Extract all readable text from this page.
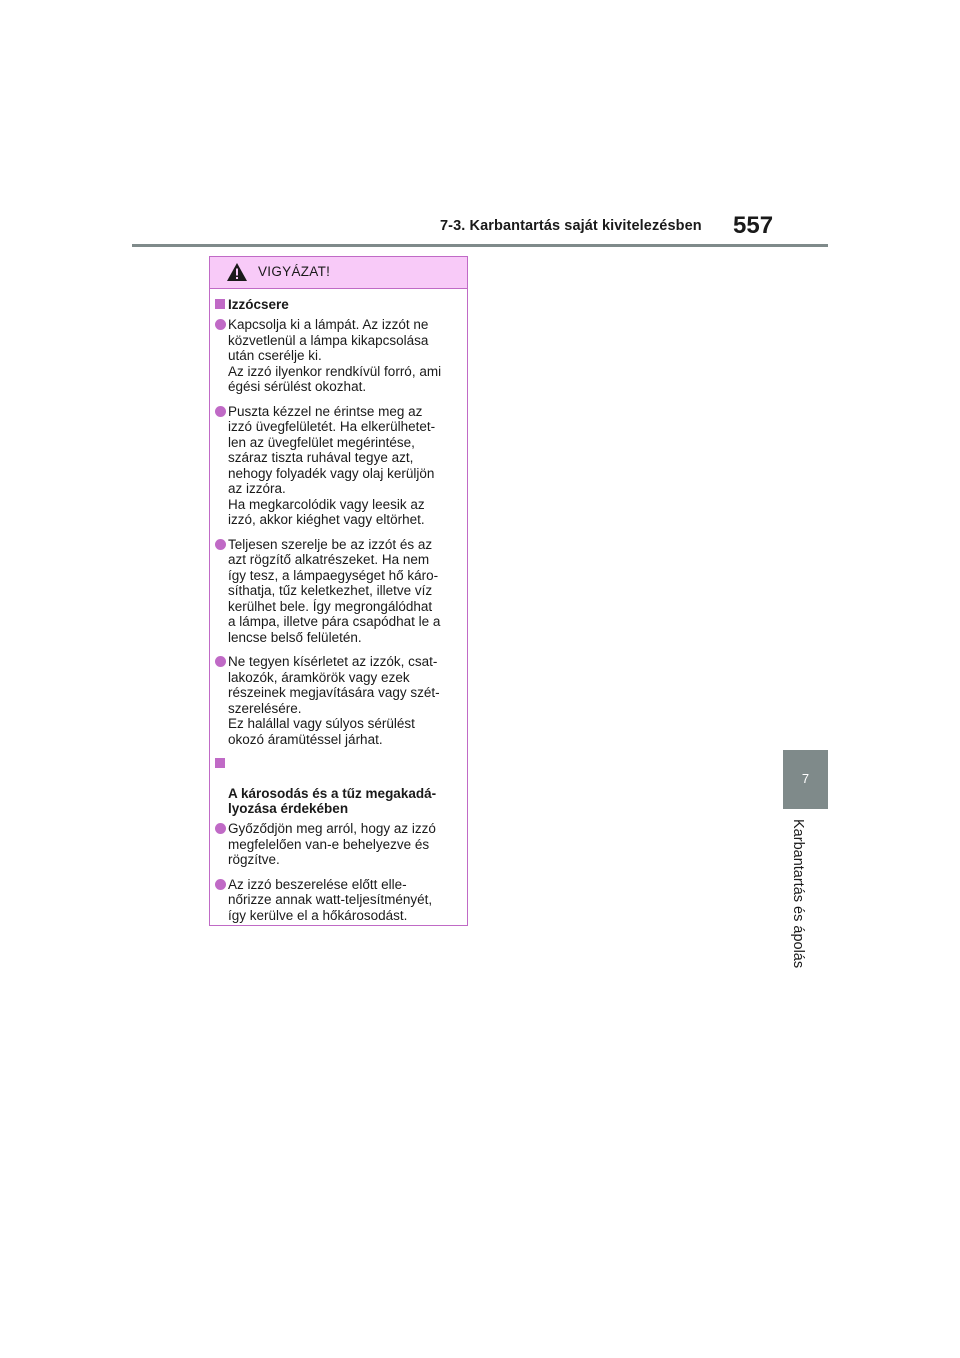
7-3. Karbantartás saját kivitelezésben 557
7
Karbantartás és ápolás
VIGYÁZAT!
Izzócsere
Kapcsolja ki a lámpát. Az izzót ne
közvetlenül a lámpa kikapcsolása
után cserélje ki.
Az izzó ilyenkor rendkívül forró, ami
égési sérülést okozhat.
Puszta kézzel ne érintse meg az
izzó üvegfelületét. Ha elkerülhetet-
len az üvegfelület megérintése,
száraz tiszta ruhával tegye azt,
nehogy folyadék vagy olaj kerüljön
az izzóra.
Ha megkarcolódik vagy leesik az
izzó, akkor kiéghet vagy eltörhet.
Teljesen szerelje be az izzót és az
azt rögzítő alkatrészeket. Ha nem
így tesz, a lámpaegységet hő káro-
síthatja, tűz keletkezhet, illetve víz
kerülhet bele. Így megrongálódhat
a lámpa, illetve pára csapódhat le a
lencse belső felületén.
Ne tegyen kísérletet az izzók, csat-
lakozók, áramkörök vagy ezek
részeinek megjavítására vagy szét-
szerelésére.
Ez halállal vagy súlyos sérülést
okozó áramütéssel járhat.

A károsodás és a tűz megakadá-
lyozása érdekében

Győződjön meg arról, hogy az izzó
megfelelően van-e behelyezve és
rögzítve.
Az izzó beszerelése előtt elle-
nőrizze annak watt-teljesítményét,
így kerülve el a hőkárosodást.
